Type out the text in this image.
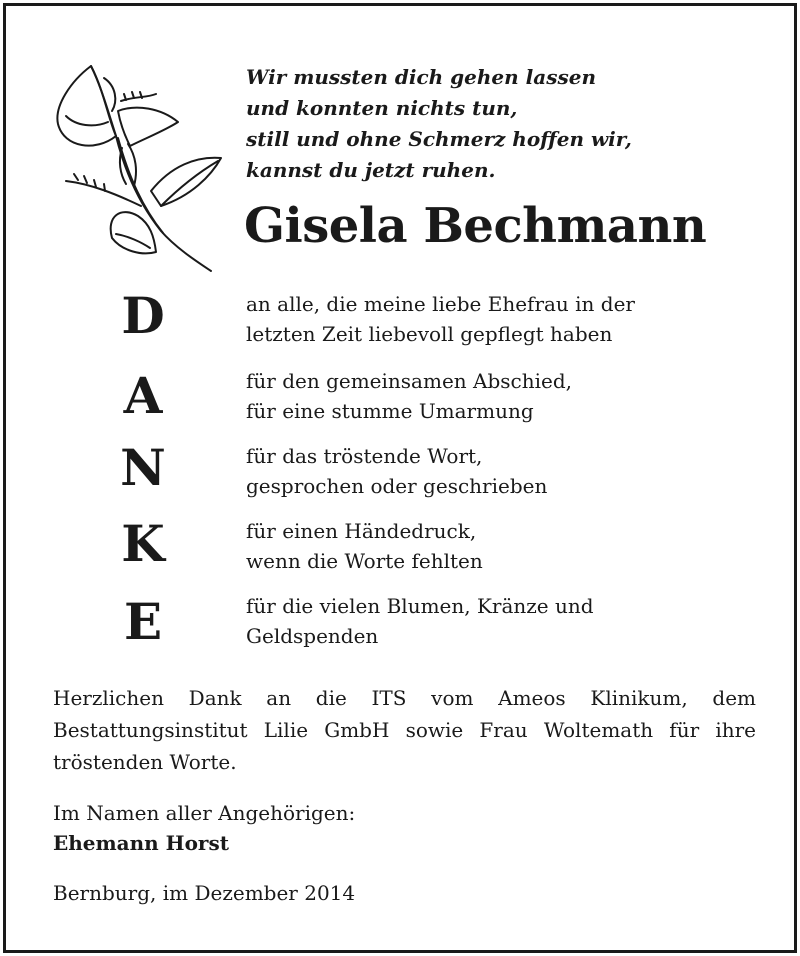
Wir mussten dich gehen lassen
und konnten nichts tun,
still und ohne Schmerz hoffen wir,
kannst du jetzt ruhen.
Gisela Bechmann
D	an alle, die meine liebe Ehefrau in der
letzten Zeit liebevoll gepflegt haben
A	für den gemeinsamen Abschied,
für eine stumme Umarmung
N	für das tröstende Wort,
gesprochen oder geschrieben
K	für einen Händedruck,
wenn die Worte fehlten
E	für die vielen Blumen, Kränze und
Geldspenden
Herzlichen Dank an die ITS vom Ameos Klinikum, dem Bestattungsinstitut Lilie GmbH sowie Frau Woltemath für ihre tröstenden Worte.
Im Namen aller Angehörigen:
Ehemann Horst
Bernburg, im Dezember 2014
